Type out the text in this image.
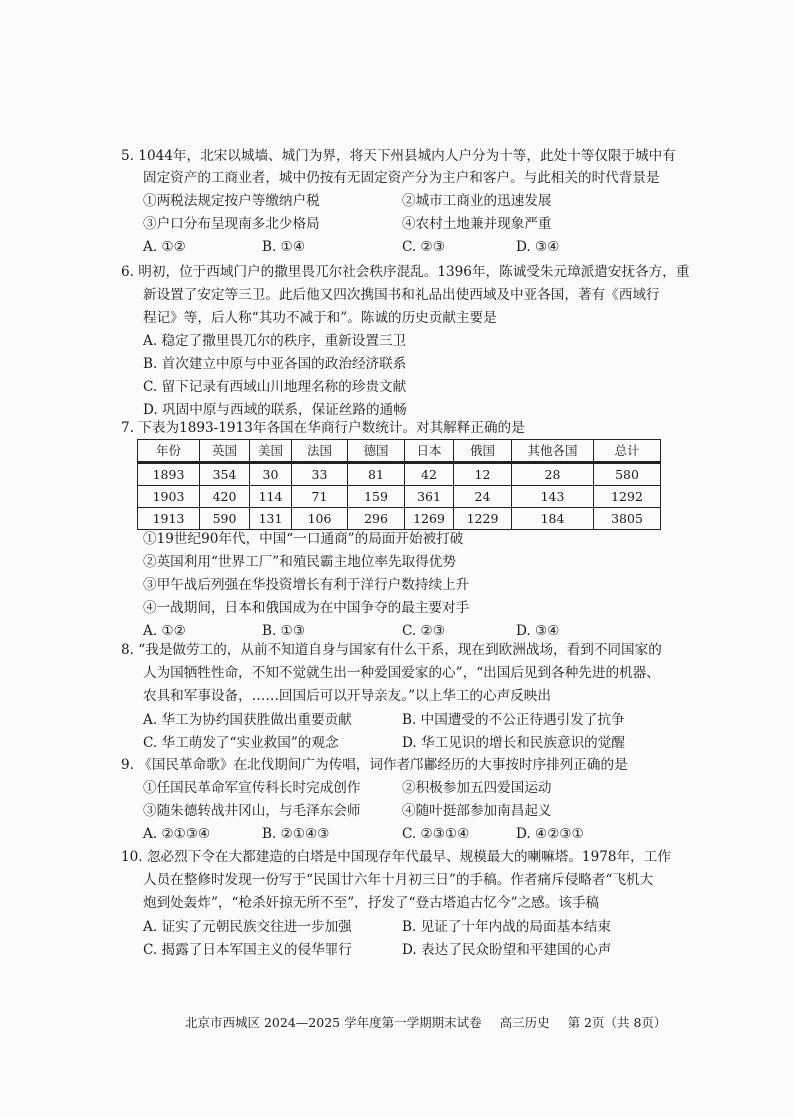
5. 1044年，北宋以城墙、城门为界，将天下州县城内人户分为十等，此处十等仅限于城中有
固定资产的工商业者，城中仍按有无固定资产分为主户和客户。与此相关的时代背景是
①两税法规定按户等缴纳户税	②城市工商业的迅速发展
③户口分布呈现南多北少格局	④农村土地兼并现象严重
A. ①②	B. ①④	C. ②③	D. ③④
6. 明初，位于西域门户的撒里畏兀尔社会秩序混乱。1396年，陈诚受朱元璋派遣安抚各方，重
新设置了安定等三卫。此后他又四次携国书和礼品出使西域及中亚各国，著有《西域行
程记》等，后人称“其功不减于和”。陈诚的历史贡献主要是
A. 稳定了撒里畏兀尔的秩序，重新设置三卫
B. 首次建立中原与中亚各国的政治经济联系
C. 留下记录有西域山川地理名称的珍贵文献
D. 巩固中原与西域的联系，保证丝路的通畅
7. 下表为1893-1913年各国在华商行户数统计。对其解释正确的是
年份	英国	美国	法国	德国	日本	俄国	其他各国	总计
1893	354	30	33	81	42	12	28	580
1903	420	114	71	159	361	24	143	1292
1913	590	131	106	296	1269	1229	184	3805
①19世纪90年代，中国“一口通商”的局面开始被打破
②英国利用“世界工厂”和殖民霸主地位率先取得优势
③甲午战后列强在华投资增长有利于洋行户数持续上升
④一战期间，日本和俄国成为在中国争夺的最主要对手
A. ①②	B. ①③	C. ②③	D. ③④
8. “我是做劳工的，从前不知道自身与国家有什么干系，现在到欧洲战场，看到不同国家的
人为国牺牲性命，不知不觉就生出一种爱国爱家的心”，“出国后见到各种先进的机器、
农具和军事设备，……回国后可以开导亲友。”以上华工的心声反映出
A. 华工为协约国获胜做出重要贡献	B. 中国遭受的不公正待遇引发了抗争
C. 华工萌发了“实业救国”的观念	D. 华工见识的增长和民族意识的觉醒
9. 《国民革命歌》在北伐期间广为传唱，词作者邝鄘经历的大事按时序排列正确的是
①任国民革命军宣传科长时完成创作	②积极参加五四爱国运动
③随朱德转战井冈山，与毛泽东会师	④随叶挺部参加南昌起义
A. ②①③④	B. ②①④③	C. ②③①④	D. ④②③①
10. 忽必烈下令在大都建造的白塔是中国现存年代最早、规模最大的喇嘛塔。1978年，工作
人员在整修时发现一份写于“民国廿六年十月初三日”的手稿。作者痛斥侵略者“飞机大
炮到处轰炸”，“枪杀奸掠无所不至”，抒发了“登古塔追古忆今”之感。该手稿
A. 证实了元朝民族交往进一步加强	B. 见证了十年内战的局面基本结束
C. 揭露了日本军国主义的侵华罪行	D. 表达了民众盼望和平建国的心声
北京市西城区 2024—2025 学年度第一学期期末试卷 高三历史 第 2页（共 8页）
